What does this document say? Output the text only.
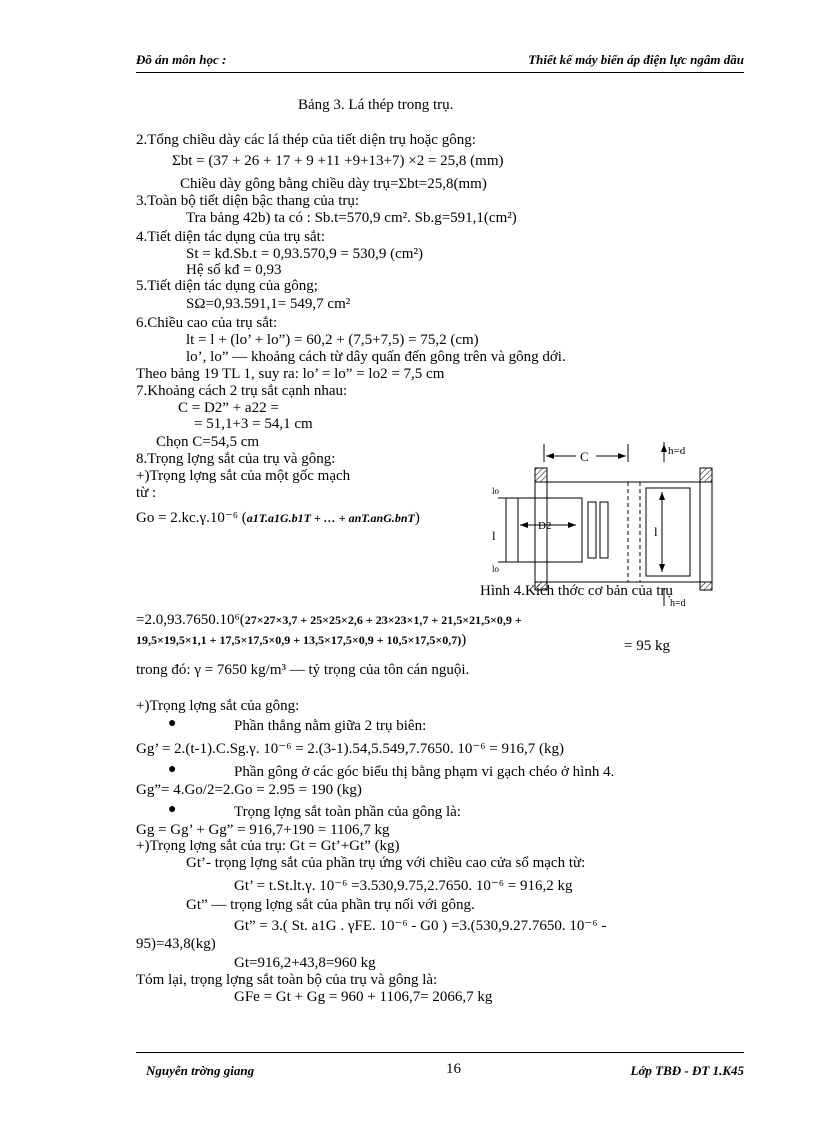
Đồ án môn học :	Thiết kế máy biến áp điện lực ngâm dầu
Bảng 3. Lá thép trong trụ.
2.Tổng chiều dày các lá thép của tiết diện trụ hoặc gông:
Σbt = (37 + 26 + 17 + 9 +11 +9+13+7) ×2 = 25,8 (mm)
Chiều dày gông bằng chiều dày trụ=Σbt=25,8(mm)
3.Toàn bộ tiết diện bậc thang của trụ:
Tra bảng 42b) ta có : Sb.t=570,9 cm². Sb.g=591,1(cm²)
4.Tiết diện tác dụng của trụ sắt:
St = kđ.Sb.t = 0,93.570,9 = 530,9 (cm²)
Hệ số kđ = 0,93
5.Tiết diện tác dụng của gông;
SΩ=0,93.591,1= 549,7 cm²
6.Chiều cao của trụ sắt:
lt = l + (lo’ + lo”) = 60,2 + (7,5+7,5) = 75,2 (cm)
lo’, lo” — khoảng cách từ dây quấn đến gông trên và gông dới.
Theo bảng 19 TL 1, suy ra: lo’ = lo” = lo2 = 7,5 cm
7.Khoảng cách 2 trụ sắt cạnh nhau:
C = D2” + a22 =
= 51,1+3 = 54,1 cm
Chọn C=54,5 cm
8.Trọng lợng sắt của trụ và gông:
+)Trọng lợng sắt của một gốc mạch
từ :
Go = 2.kc.γ.10⁻⁶ (a1T.a1G.b1T + … + anT.anG.bnT)
C	h=d
D2	l
lo
l
lo
h=d
Hình 4.Kích thớc cơ bản của trụ
=2.0,93.7650.10⁶(27×27×3,7 + 25×25×2,6 + 23×23×1,7 + 21,5×21,5×0,9 +
19,5×19,5×1,1 + 17,5×17,5×0,9 + 13,5×17,5×0,9 + 10,5×17,5×0,7))	= 95 kg
trong đó: γ = 7650 kg/m³ — tỷ trọng của tôn cán nguội.
+)Trọng lợng sắt của gông:
●	Phần thẳng nằm giữa 2 trụ biên:
Gg’ = 2.(t-1).C.Sg.γ. 10⁻⁶ = 2.(3-1).54,5.549,7.7650. 10⁻⁶ = 916,7 (kg)
●	Phần gông ở các góc biểu thị bằng phạm vi gạch chéo ở hình 4.
Gg”= 4.Go/2=2.Go = 2.95 = 190 (kg)
●	Trọng lợng sắt toàn phần của gông là:
Gg = Gg’ + Gg” = 916,7+190 = 1106,7 kg
+)Trọng lợng sắt của trụ: Gt = Gt’+Gt” (kg)
Gt’- trọng lợng sắt của phần trụ ứng với chiều cao cửa sổ mạch từ:
Gt’ = t.St.lt.γ. 10⁻⁶ =3.530,9.75,2.7650. 10⁻⁶ = 916,2 kg
Gt” — trọng lợng sắt của phần trụ nối với gông.
Gt” = 3.( St. a1G . γFE. 10⁻⁶ - G0 ) =3.(530,9.27.7650. 10⁻⁶ -
95)=43,8(kg)
Gt=916,2+43,8=960 kg
Tóm lại, trọng lợng sắt toàn bộ của trụ và gông là:
GFe = Gt + Gg = 960 + 1106,7= 2066,7 kg
Nguyễn trờng giang	16	Lớp TBĐ - ĐT 1.K45
